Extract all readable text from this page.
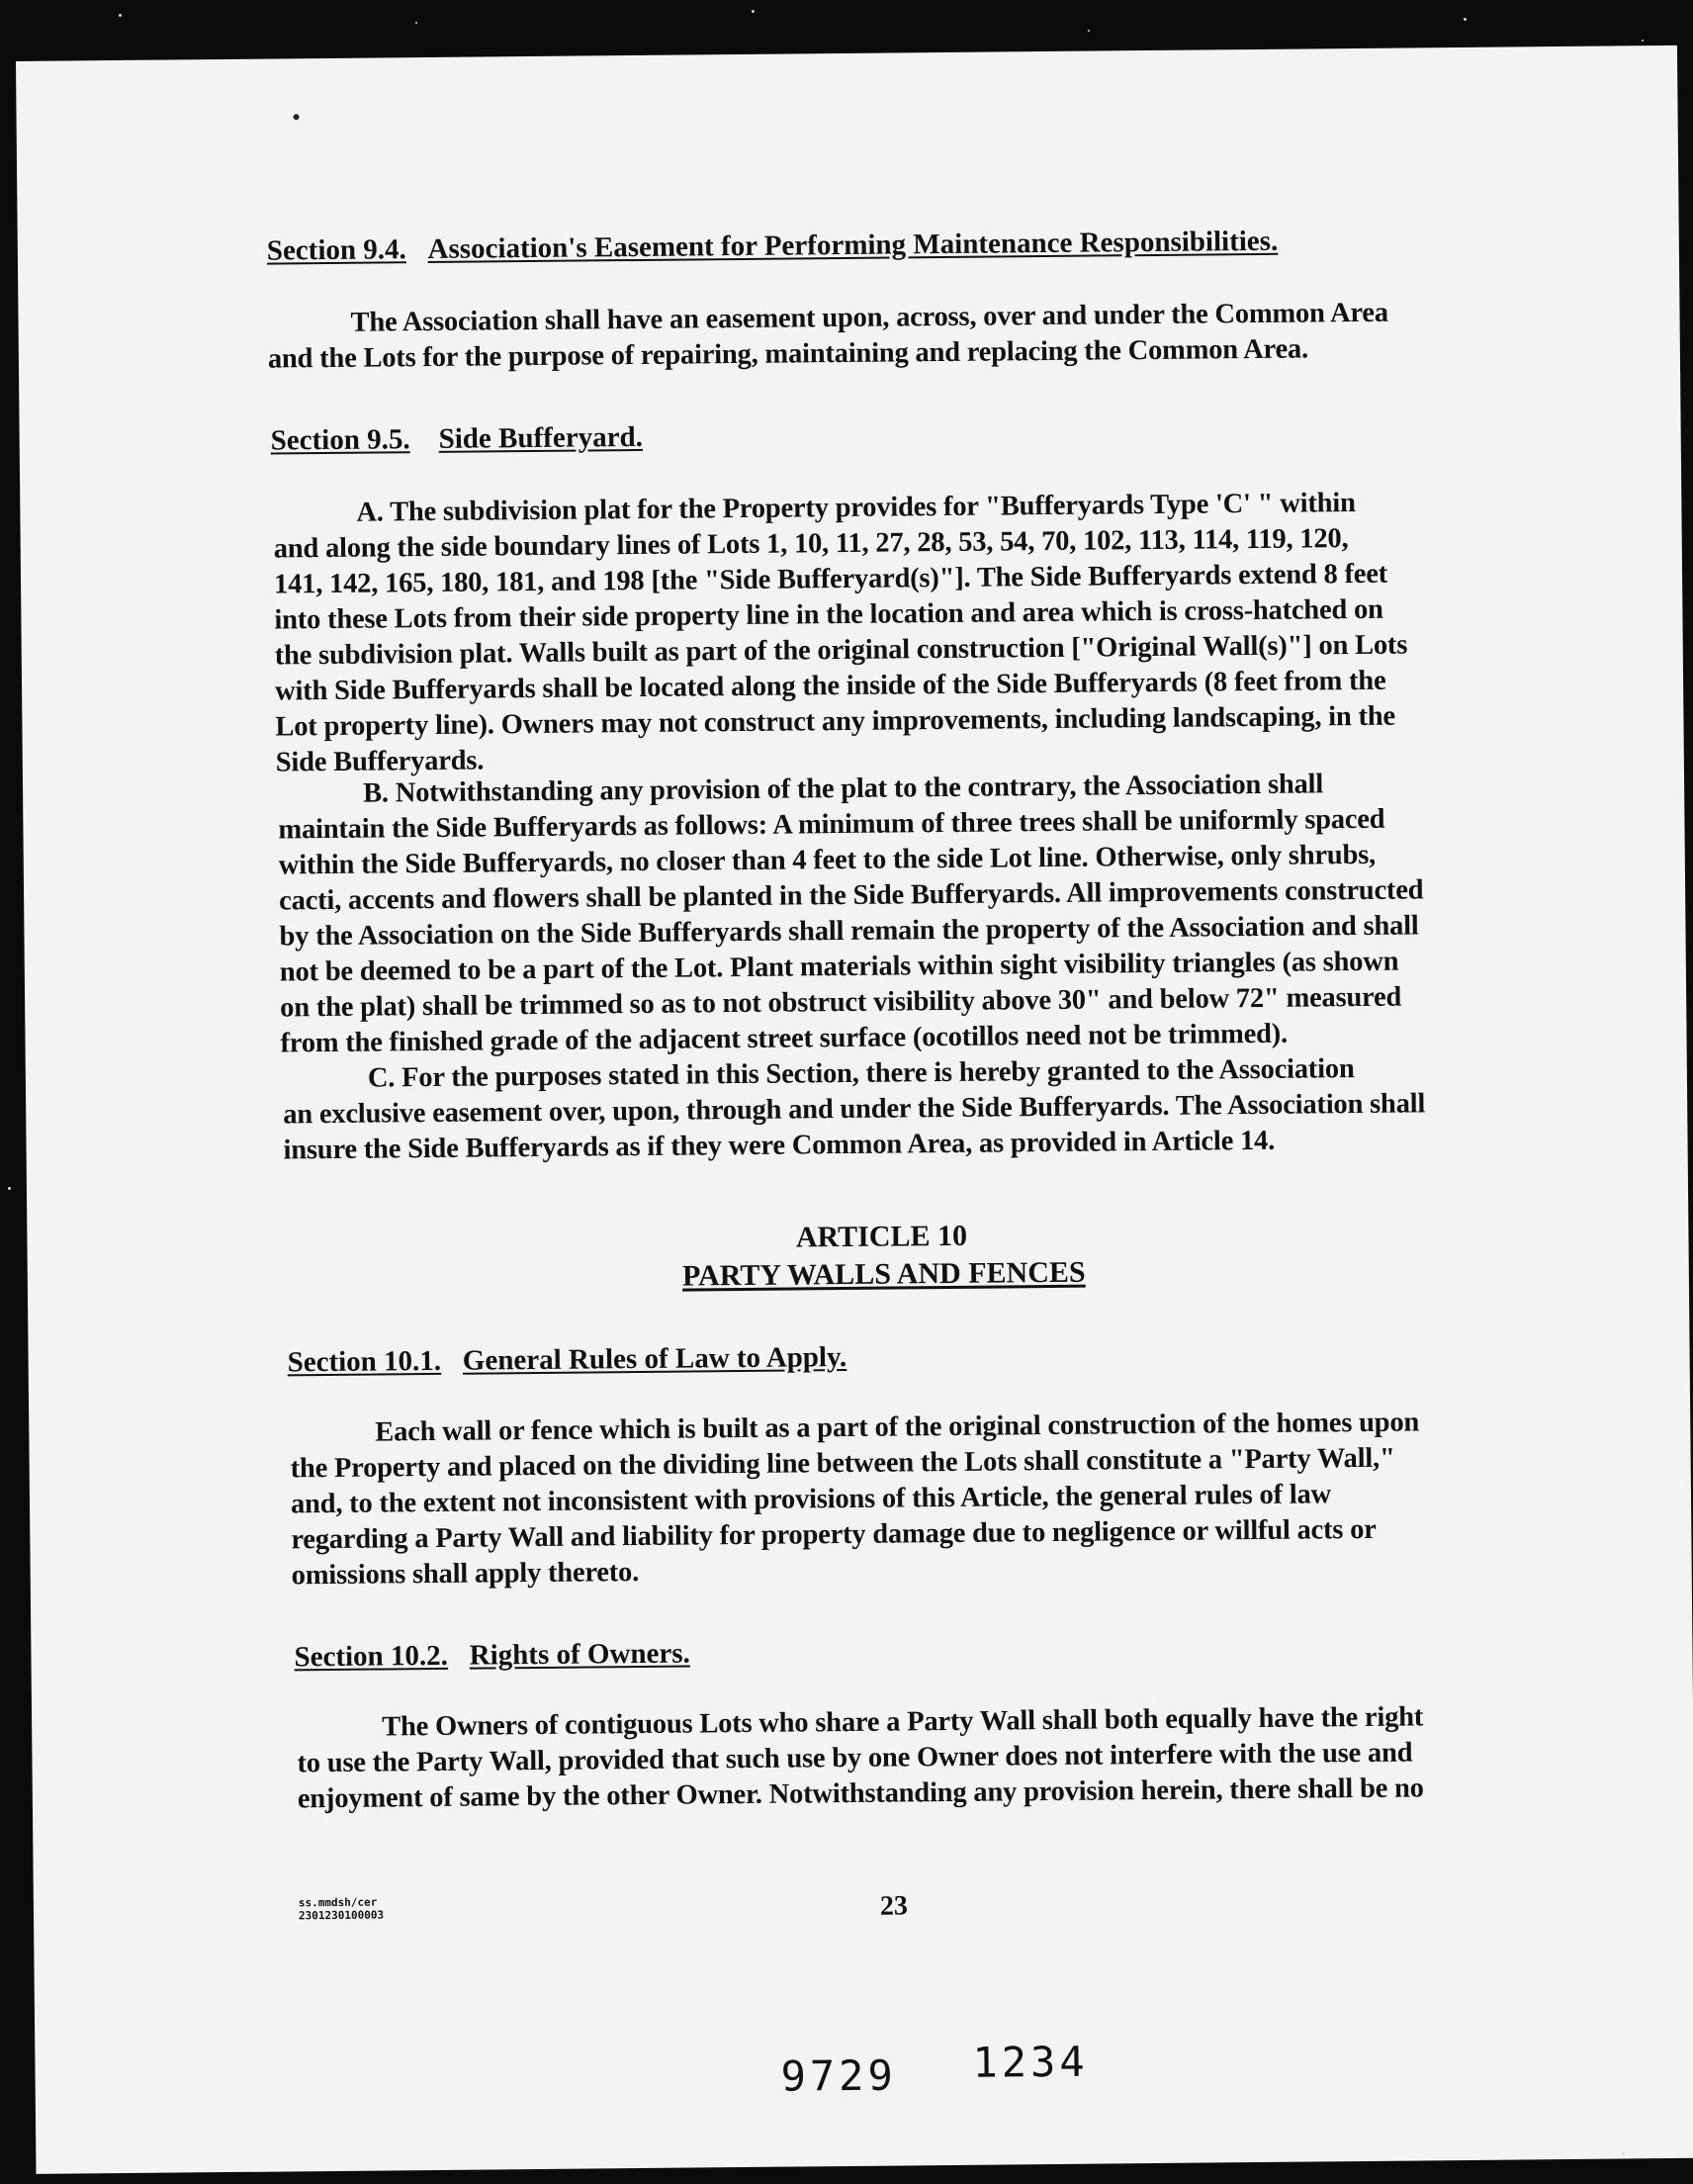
Section 9.4. Association's Easement for Performing Maintenance Responsibilities.
The Association shall have an easement upon, across, over and under the Common Area
and the Lots for the purpose of repairing, maintaining and replacing the Common Area.
Section 9.5. Side Bufferyard.
A. The subdivision plat for the Property provides for "Bufferyards Type 'C' " within
and along the side boundary lines of Lots 1, 10, 11, 27, 28, 53, 54, 70, 102, 113, 114, 119, 120,
141, 142, 165, 180, 181, and 198 [the "Side Bufferyard(s)"]. The Side Bufferyards extend 8 feet
into these Lots from their side property line in the location and area which is cross-hatched on
the subdivision plat. Walls built as part of the original construction ["Original Wall(s)"] on Lots
with Side Bufferyards shall be located along the inside of the Side Bufferyards (8 feet from the
Lot property line). Owners may not construct any improvements, including landscaping, in the
Side Bufferyards.
B. Notwithstanding any provision of the plat to the contrary, the Association shall
maintain the Side Bufferyards as follows: A minimum of three trees shall be uniformly spaced
within the Side Bufferyards, no closer than 4 feet to the side Lot line. Otherwise, only shrubs,
cacti, accents and flowers shall be planted in the Side Bufferyards. All improvements constructed
by the Association on the Side Bufferyards shall remain the property of the Association and shall
not be deemed to be a part of the Lot. Plant materials within sight visibility triangles (as shown
on the plat) shall be trimmed so as to not obstruct visibility above 30" and below 72" measured
from the finished grade of the adjacent street surface (ocotillos need not be trimmed).
C. For the purposes stated in this Section, there is hereby granted to the Association
an exclusive easement over, upon, through and under the Side Bufferyards. The Association shall
insure the Side Bufferyards as if they were Common Area, as provided in Article 14.
ARTICLE 10
PARTY WALLS AND FENCES
Section 10.1. General Rules of Law to Apply.
Each wall or fence which is built as a part of the original construction of the homes upon
the Property and placed on the dividing line between the Lots shall constitute a "Party Wall,"
and, to the extent not inconsistent with provisions of this Article, the general rules of law
regarding a Party Wall and liability for property damage due to negligence or willful acts or
omissions shall apply thereto.
Section 10.2. Rights of Owners.
The Owners of contiguous Lots who share a Party Wall shall both equally have the right
to use the Party Wall, provided that such use by one Owner does not interfere with the use and
enjoyment of same by the other Owner. Notwithstanding any provision herein, there shall be no
ss.mmdsh/cer
2301230100003	23
9729 1234
